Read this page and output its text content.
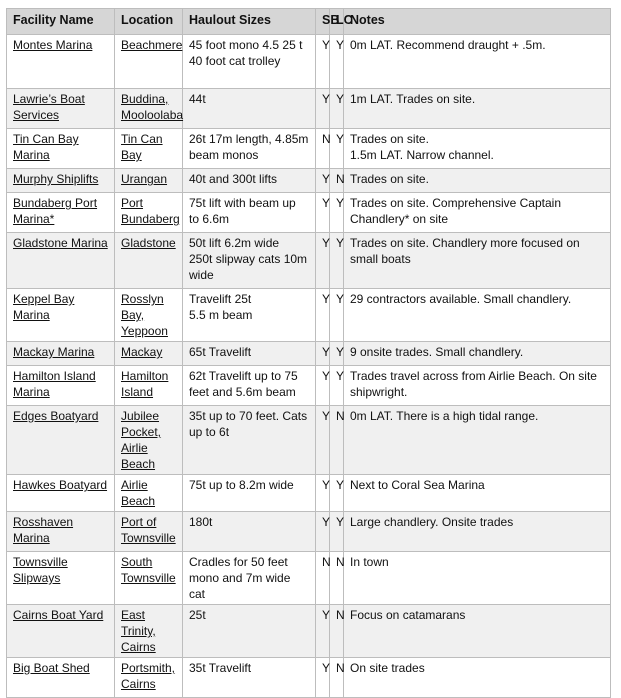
Facility Name	Location	Haulout Sizes	SB	LC	Notes
Montes Marina	Beachmere	45 foot mono 4.5 25 t
40 foot cat trolley	Y	Y	0m LAT. Recommend draught + .5m.
Lawrie’s Boat Services	Buddina, Mooloolaba	44t	Y	Y	1m LAT. Trades on site.
Tin Can Bay Marina	Tin Can Bay	26t 17m length, 4.85m beam monos	N	Y	Trades on site.
1.5m LAT. Narrow channel.
Murphy Shiplifts	Urangan	40t and 300t lifts	Y	N	Trades on site.
Bundaberg Port Marina*	Port Bundaberg	75t lift with beam up to 6.6m	Y	Y	Trades on site. Comprehensive Captain Chandlery* on site
Gladstone Marina	Gladstone	50t lift 6.2m wide
250t slipway cats 10m wide	Y	Y	Trades on site. Chandlery more focused on small boats
Keppel Bay Marina	Rosslyn Bay, Yeppoon	Travelift 25t
5.5 m beam	Y	Y	29 contractors available. Small chandlery.
Mackay Marina	Mackay	65t Travelift	Y	Y	9 onsite trades. Small chandlery.
Hamilton Island Marina	Hamilton Island	62t Travelift up to 75 feet and 5.6m beam	Y	Y	Trades travel across from Airlie Beach. On site shipwright.
Edges Boatyard	Jubilee Pocket, Airlie Beach	35t up to 70 feet. Cats up to 6t	Y	N	0m LAT. There is a high tidal range.
Hawkes Boatyard	Airlie Beach	75t up to 8.2m wide	Y	Y	Next to Coral Sea Marina
Rosshaven Marina	Port of Townsville	180t	Y	Y	Large chandlery. Onsite trades
Townsville Slipways	South Townsville	Cradles for 50 feet mono and 7m wide cat	N	N	In town
Cairns Boat Yard	East Trinity, Cairns	25t	Y	N	Focus on catamarans
Big Boat Shed	Portsmith, Cairns	35t Travelift	Y	N	On site trades
